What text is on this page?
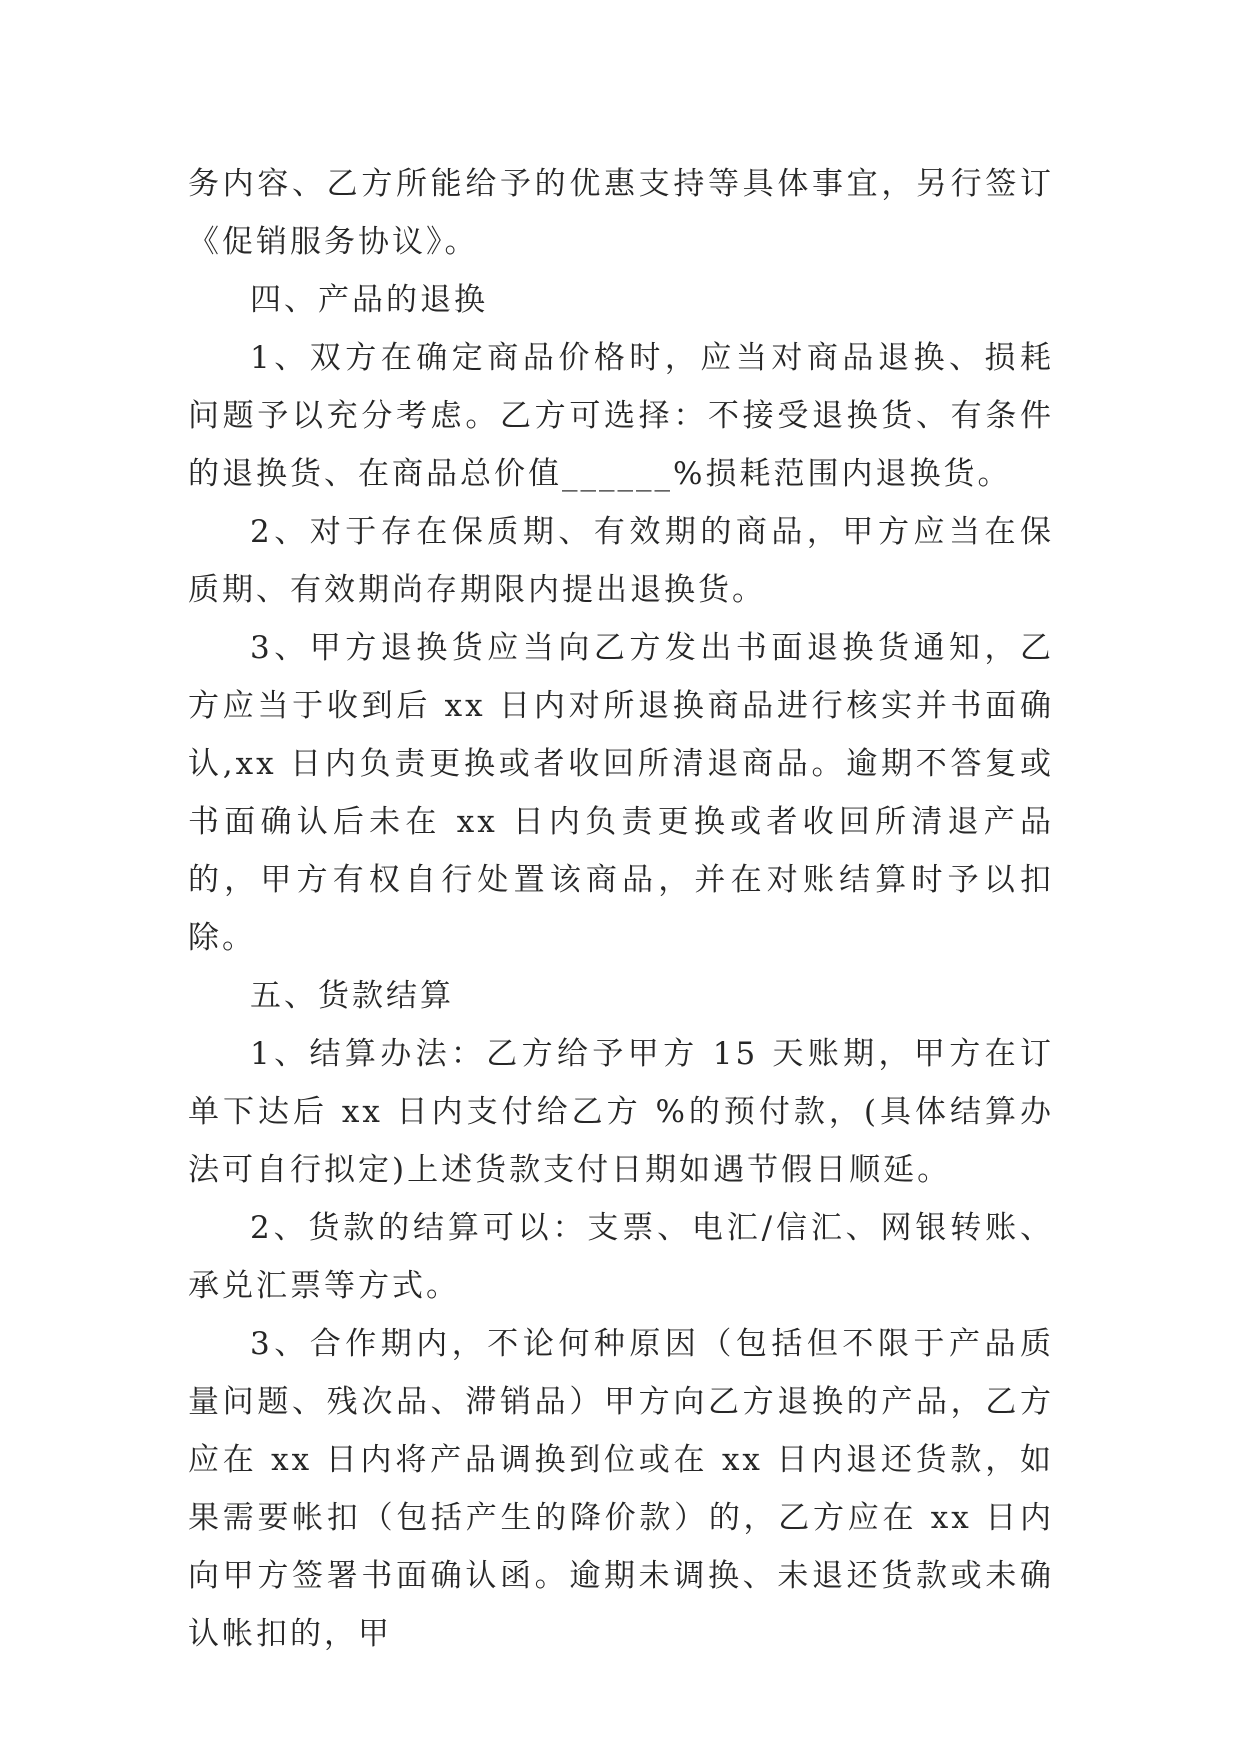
务内容、乙方所能给予的优惠支持等具体事宜，另行签订《促销服务协议》。

四、产品的退换

1、双方在确定商品价格时，应当对商品退换、损耗问题予以充分考虑。乙方可选择：不接受退换货、有条件的退换货、在商品总价值______%损耗范围内退换货。

2、对于存在保质期、有效期的商品，甲方应当在保质期、有效期尚存期限内提出退换货。

3、甲方退换货应当向乙方发出书面退换货通知，乙方应当于收到后 xx 日内对所退换商品进行核实并书面确认,xx 日内负责更换或者收回所清退商品。逾期不答复或书面确认后未在 xx 日内负责更换或者收回所清退产品的，甲方有权自行处置该商品，并在对账结算时予以扣除。

五、货款结算

1、结算办法：乙方给予甲方 15 天账期，甲方在订单下达后 xx 日内支付给乙方 %的预付款，(具体结算办法可自行拟定)上述货款支付日期如遇节假日顺延。

2、货款的结算可以：支票、电汇/信汇、网银转账、承兑汇票等方式。

3、合作期内，不论何种原因（包括但不限于产品质量问题、残次品、滞销品）甲方向乙方退换的产品，乙方应在 xx 日内将产品调换到位或在 xx 日内退还货款，如果需要帐扣（包括产生的降价款）的，乙方应在 xx 日内向甲方签署书面确认函。逾期未调换、未退还货款或未确认帐扣的，甲
